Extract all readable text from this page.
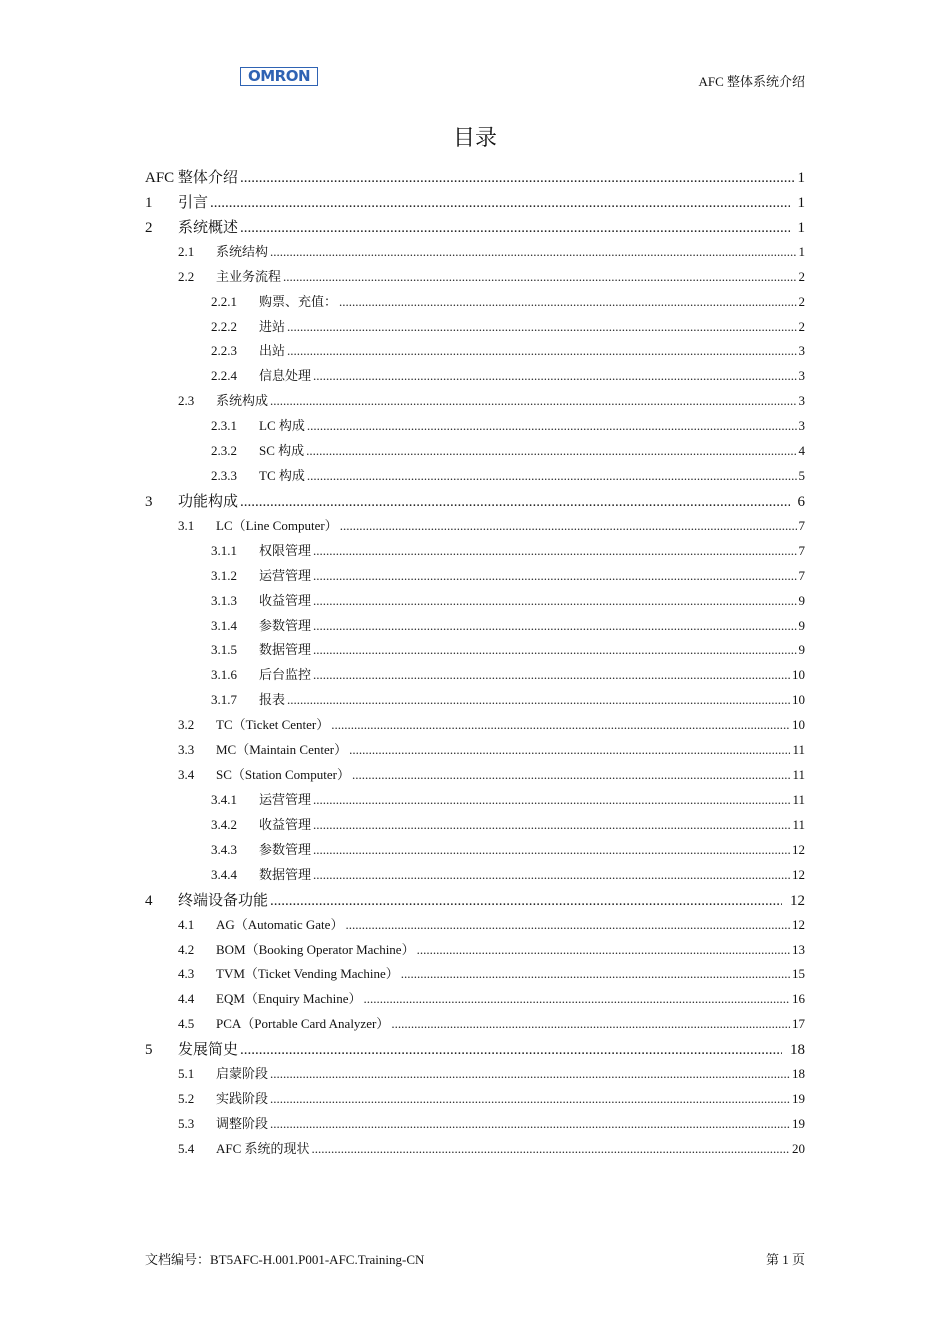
OMRON	AFC 整体系统介绍
目录
AFC 整体介绍 .....	1
1	引言 .....	1
2	系统概述 .....	1
2.1	系统结构 .....	1
2.2	主业务流程 .....	2
2.2.1	购票、充值： .....	2
2.2.2	进站 .....	2
2.2.3	出站 .....	3
2.2.4	信息处理 .....	3
2.3	系统构成 .....	3
2.3.1	LC 构成 .....	3
2.3.2	SC 构成 .....	4
2.3.3	TC 构成 .....	5
3	功能构成 .....	6
3.1	LC（Line Computer） .....	7
3.1.1	权限管理 .....	7
3.1.2	运营管理 .....	7
3.1.3	收益管理 .....	9
3.1.4	参数管理 .....	9
3.1.5	数据管理 .....	9
3.1.6	后台监控 .....	10
3.1.7	报表 .....	10
3.2	TC（Ticket Center） .....	10
3.3	MC（Maintain Center） .....	11
3.4	SC（Station Computer） .....	11
3.4.1	运营管理 .....	11
3.4.2	收益管理 .....	11
3.4.3	参数管理 .....	12
3.4.4	数据管理 .....	12
4	终端设备功能 .....	12
4.1	AG（Automatic Gate） .....	12
4.2	BOM（Booking Operator Machine） .....	13
4.3	TVM（Ticket Vending Machine） .....	15
4.4	EQM（Enquiry Machine） .....	16
4.5	PCA（Portable Card Analyzer） .....	17
5	发展简史 .....	18
5.1	启蒙阶段 .....	18
5.2	实践阶段 .....	19
5.3	调整阶段 .....	19
5.4	AFC 系统的现状 .....	20
文档编号：BT5AFC-H.001.P001-AFC.Training-CN	第 1 页
